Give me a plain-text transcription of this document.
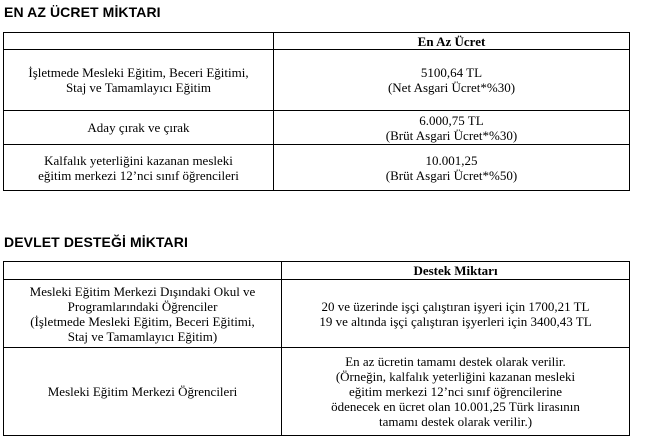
EN AZ ÜCRET MİKTARI
	En Az Ücret

İşletmede Mesleki Eğitim, Beceri Eğitimi,
Staj ve Tamamlayıcı Eğitim	5100,64 TL
(Net Asgari Ücret*%30)

Aday çırak ve çırak	6.000,75 TL
(Brüt Asgari Ücret*%30)

Kalfalık yeterliğini kazanan mesleki
eğitim merkezi 12’nci sınıf öğrencileri	10.001,25
(Brüt Asgari Ücret*%50)
DEVLET DESTEĞİ MİKTARI
	Destek Miktarı

Mesleki Eğitim Merkezi Dışındaki Okul ve
Programlarındaki Öğrenciler
(İşletmede Mesleki Eğitim, Beceri Eğitimi,
Staj ve Tamamlayıcı Eğitim)	20 ve üzerinde işçi çalıştıran işyeri için 1700,21 TL
19 ve altında işçi çalıştıran işyerleri için 3400,43 TL

Mesleki Eğitim Merkezi Öğrencileri	En az ücretin tamamı destek olarak verilir.
(Örneğin, kalfalık yeterliğini kazanan mesleki
eğitim merkezi 12’nci sınıf öğrencilerine
ödenecek en ücret olan 10.001,25 Türk lirasının
tamamı destek olarak verilir.)
